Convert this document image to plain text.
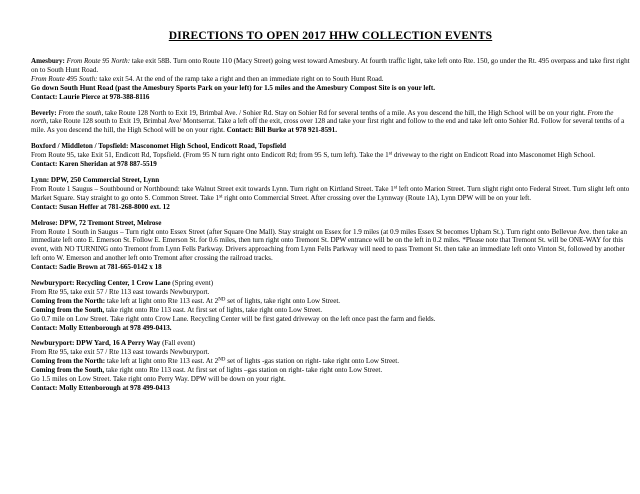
DIRECTIONS TO OPEN 2017 HHW COLLECTION EVENTS

Amesbury: From Route 95 North: take exit 58B. Turn onto Route 110 (Macy Street) going west toward Amesbury. At fourth traffic light, take left onto Rte. 150, go under the Rt. 495 overpass and take first right on to South Hunt Road.

From Route 495 South: take exit 54. At the end of the ramp take a right and then an immediate right on to South Hunt Road.

Go down South Hunt Road (past the Amesbury Sports Park on your left) for 1.5 miles and the Amesbury Compost Site is on your left.

Contact: Laurie Pierce at 978-388-8116

Beverly: From the south, take Route 128 North to Exit 19, Brimbal Ave. / Sohier Rd. Stay on Sohier Rd for several tenths of a mile. As you descend the hill, the High School will be on your right. From the north, take Route 128 south to Exit 19, Brimbal Ave/ Montserrat. Take a left off the exit, cross over 128 and take your first right and follow to the end and take left onto Sohier Rd. Follow for several tenths of a mile. As you descend the hill, the High School will be on your right. Contact: Bill Burke at 978 921-8591.

Boxford / Middleton / Topsfield: Masconomet High School, Endicott Road, Topsfield

From Route 95, take Exit 51, Endicott Rd, Topsfield. (From 95 N turn right onto Endicott Rd; from 95 S, turn left). Take the 1st driveway to the right on Endicott Road into Masconomet High School.

Contact: Karen Sheridan at 978 887-5519

Lynn: DPW, 250 Commercial Street, Lynn

From Route 1 Saugus – Southbound or Northbound: take Walnut Street exit towards Lynn. Turn right on Kirtland Street. Take 1st left onto Marion Street. Turn slight right onto Federal Street. Turn slight left onto Market Square. Stay straight to go onto S. Common Street. Take 1st right onto Commercial Street. After crossing over the Lynnway (Route 1A), Lynn DPW will be on your left.

Contact: Susan Heffer at 781-268-8000 ext. 12

Melrose: DPW, 72 Tremont Street, Melrose

From Route 1 South in Saugus – Turn right onto Essex Street (after Square One Mall). Stay straight on Essex for 1.9 miles (at 0.9 miles Essex St becomes Upham St.). Turn right onto Bellevue Ave. then take an immediate left onto E. Emerson St. Follow E. Emerson St. for 0.6 miles, then turn right onto Tremont St. DPW entrance will be on the left in 0.2 miles. *Please note that Tremont St. will be ONE-WAY for this event, with NO TURNING onto Tremont from Lynn Fells Parkway. Drivers approaching from Lynn Fells Parkway will need to pass Tremont St. then take an immediate left onto Vinton St, followed by another left onto W. Emerson and another left onto Tremont after crossing the railroad tracks.

Contact: Sadie Brown at 781-665-0142 x 18

Newburyport: Recycling Center, 1 Crow Lane (Spring event)

From Rte 95, take exit 57 / Rte 113 east towards Newburyport.

Coming from the North: take left at light onto Rte 113 east. At 2ND set of lights, take right onto Low Street.

Coming from the South, take right onto Rte 113 east. At first set of lights, take right onto Low Street.

Go 0.7 mile on Low Street. Take right onto Crow Lane. Recycling Center will be first gated driveway on the left once past the farm and fields.

Contact: Molly Ettenborough at 978 499-0413.

Newburyport: DPW Yard, 16 A Perry Way (Fall event)

From Rte 95, take exit 57 / Rte 113 east towards Newburyport.

Coming from the North: take left at light onto Rte 113 east. At 2ND set of lights -gas station on right- take right onto Low Street.

Coming from the South, take right onto Rte 113 east. At first set of lights –gas station on right- take right onto Low Street.

Go 1.5 miles on Low Street. Take right onto Perry Way. DPW will be down on your right.

Contact: Molly Ettenborough at 978 499-0413
